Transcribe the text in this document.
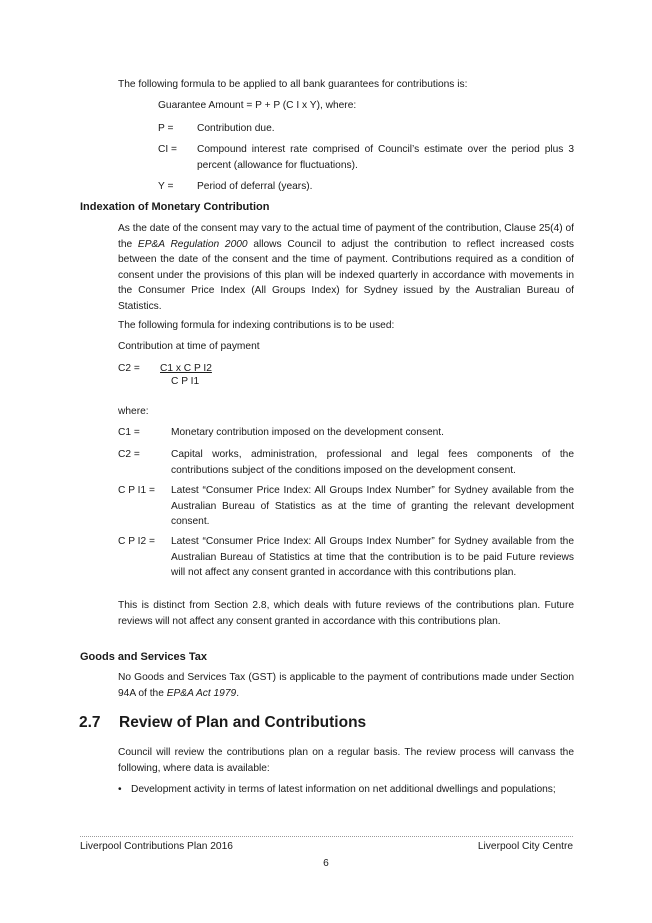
The following formula to be applied to all bank guarantees for contributions is:

Guarantee Amount = P + P (C I x Y), where:

P = Contribution due.
CI = Compound interest rate comprised of Council’s estimate over the period plus 3 percent (allowance for fluctuations).
Y = Period of deferral (years).
Indexation of Monetary Contribution

As the date of the consent may vary to the actual time of payment of the contribution, Clause 25(4) of the EP&A Regulation 2000 allows Council to adjust the contribution to reflect increased costs between the date of the consent and the time of payment. Contributions required as a condition of consent under the provisions of this plan will be indexed quarterly in accordance with movements in the Consumer Price Index (All Groups Index) for Sydney issued by the Australian Bureau of Statistics.

The following formula for indexing contributions is to be used:

Contribution at time of payment

C2 = C1 x C P I2
C P I1

where:

C1 =	Monetary contribution imposed on the development consent.
C2 =	Capital works, administration, professional and legal fees components of the contributions subject of the conditions imposed on the development consent.
C P I1 = Latest “Consumer Price Index: All Groups Index Number” for Sydney available from the Australian Bureau of Statistics as at the time of granting the relevant development consent.
C P I2 = Latest “Consumer Price Index: All Groups Index Number” for Sydney available from the Australian Bureau of Statistics at time that the contribution is to be paid Future reviews will not affect any consent granted in accordance with this contributions plan.

This is distinct from Section 2.8, which deals with future reviews of the contributions plan. Future reviews will not affect any consent granted in accordance with this contributions plan.

Goods and Services Tax

No Goods and Services Tax (GST) is applicable to the payment of contributions made under Section 94A of the EP&A Act 1979.

2.7 Review of Plan and Contributions

Council will review the contributions plan on a regular basis. The review process will canvass the following, where data is available:

• Development activity in terms of latest information on net additional dwellings and populations;
Liverpool Contributions Plan 2016	Liverpool City Centre
6
